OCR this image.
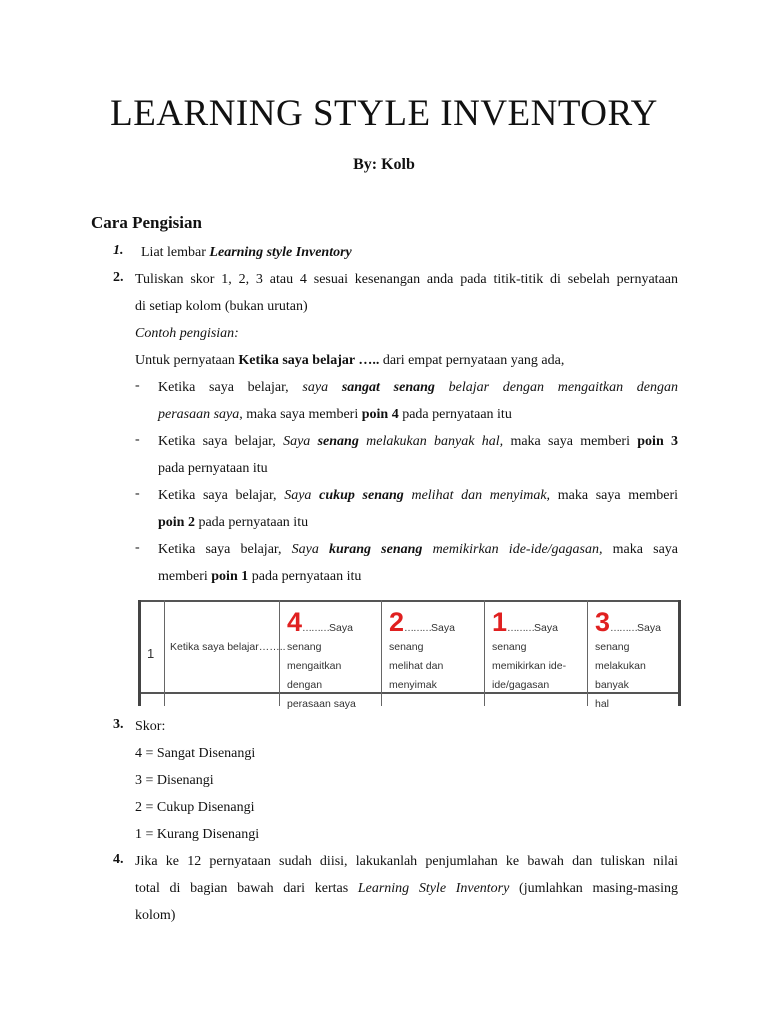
LEARNING STYLE INVENTORY
By: Kolb
Cara Pengisian
1. Liat lembar Learning style Inventory
2. Tuliskan skor 1, 2, 3 atau 4 sesuai kesenangan anda pada titik-titik di sebelah pernyataan
di setiap kolom (bukan urutan)
Contoh pengisian:
Untuk pernyataan Ketika saya belajar ….. dari empat pernyataan yang ada,
- Ketika saya belajar, saya sangat senang belajar dengan mengaitkan dengan
perasaan saya, maka saya memberi poin 4 pada pernyataan itu
- Ketika saya belajar, Saya senang melakukan banyak hal, maka saya memberi poin 3
pada pernyataan itu
- Ketika saya belajar, Saya cukup senang melihat dan menyimak, maka saya memberi
poin 2 pada pernyataan itu
- Ketika saya belajar, Saya kurang senang memikirkan ide-ide/gagasan, maka saya
memberi poin 1 pada pernyataan itu
1 Ketika saya belajar……..
4………Saya senang
mengaitkan dengan
perasaan saya
2………Saya senang
melihat dan
menyimak
1………Saya senang
memikirkan ide-
ide/gagasan
3………Saya senang
melakukan banyak
hal
3. Skor:
4 = Sangat Disenangi
3 = Disenangi
2 = Cukup Disenangi
1 = Kurang Disenangi
4. Jika ke 12 pernyataan sudah diisi, lakukanlah penjumlahan ke bawah dan tuliskan nilai
total di bagian bawah dari kertas Learning Style Inventory (jumlahkan masing-masing
kolom)
